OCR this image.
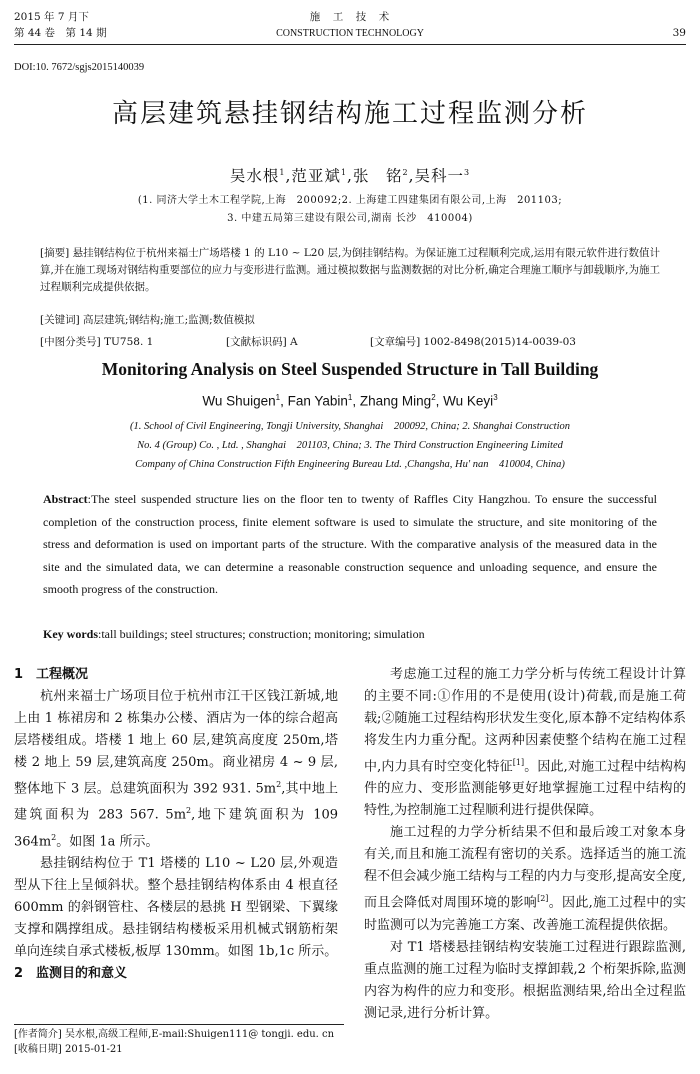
2015 年 7 月下
第 44 卷　第 14 期
施　工　技　术
CONSTRUCTION TECHNOLOGY	39
DOI:10. 7672/sgjs2015140039
高层建筑悬挂钢结构施工过程监测分析
吴水根$^1$,范亚斌$^1$,张　铭$^2$,吴科一$^3$
(1. 同济大学土木工程学院,上海　200092;2. 上海建工四建集团有限公司,上海　201103;
3. 中建五局第三建设有限公司,湖南 长沙　410004)
[摘要] 悬挂钢结构位于杭州来福士广场塔楼 1 的 L10 ~ L20 层,为倒挂钢结构。为保证施工过程顺利完成,运用有限元软件进行数值计算,并在施工现场对钢结构重要部位的应力与变形进行监测。通过模拟数据与监测数据的对比分析,确定合理施工顺序与卸载顺序,为施工过程顺利完成提供依据。
[关键词] 高层建筑;钢结构;施工;监测;数值模拟
[中图分类号] TU758. 1	[文献标识码] A	[文章编号] 1002-8498(2015)14-0039-03
Monitoring Analysis on Steel Suspended Structure in Tall Building
Wu Shuigen$^1$, Fan Yabin$^1$, Zhang Ming$^2$, Wu Keyi$^3$
(1. School of Civil Engineering, Tongji University, Shanghai　200092, China; 2. Shanghai Construction
No. 4 (Group) Co. , Ltd. , Shanghai　201103, China; 3. The Third Construction Engineering Limited
Company of China Construction Fifth Engineering Bureau Ltd. ,Changsha, Hu' nan　410004, China)
Abstract:The steel suspended structure lies on the floor ten to twenty of Raffles City Hangzhou. To ensure the successful completion of the construction process, finite element software is used to simulate the structure, and site monitoring of the stress and deformation is used on important parts of the structure. With the comparative analysis of the measured data in the site and the simulated data, we can determine a reasonable construction sequence and unloading sequence, and ensure the smooth progress of the construction.
Key words:tall buildings; steel structures; construction; monitoring; simulation
1　工程概况

杭州来福士广场项目位于杭州市江干区钱江新城,地上由 1 栋裙房和 2 栋集办公楼、酒店为一体的综合超高层塔楼组成。塔楼 1 地上 60 层,建筑高度度 250m,塔楼 2 地上 59 层,建筑高度 250m。商业裙房 4 ~ 9 层,整体地下 3 层。总建筑面积为 392 931. $5m^2$,其中地上建筑面积为 283 567. $5m^2$,地下建筑面积为 109 $364m^2$。如图 1a 所示。

悬挂钢结构位于 T1 塔楼的 L10 ~ L20 层,外观造型从下往上呈倾斜状。整个悬挂钢结构体系由 4 根直径 600mm 的斜钢管柱、各楼层的悬挑 H 型钢梁、下翼缘支撑和隅撑组成。悬挂钢结构楼板采用机械式钢筋桁架单向连续自承式楼板,板厚 130mm。如图 1b,1c 所示。

2　监测目的和意义
[作者简介] 吴水根,高级工程师,E-mail:Shuigen111@ tongji. edu. cn
[收稿日期] 2015-01-21

考虑施工过程的施工力学分析与传统工程设计计算的主要不同:①作用的不是使用(设计)荷载,而是施工荷载;②随施工过程结构形状发生变化,原本静不定结构体系将发生内力重分配。这两种因素使整个结构在施工过程中,内力具有时空变化特征[1]。因此,对施工过程中结构构件的应力、变形监测能够更好地掌握施工过程中结构的特性,为控制施工过程顺利进行提供保障。

施工过程的力学分析结果不但和最后竣工对象本身有关,而且和施工流程有密切的关系。选择适当的施工流程不但会减少施工结构与工程的内力与变形,提高安全度,而且会降低对周围环境的影响[2]。因此,施工过程中的实时监测可以为完善施工方案、改善施工流程提供依据。

对 T1 塔楼悬挂钢结构安装施工过程进行跟踪监测,重点监测的施工过程为临时支撑卸载,2 个桁架拆除,监测内容为构件的应力和变形。根据监测结果,给出全过程监测记录,进行分析计算。
